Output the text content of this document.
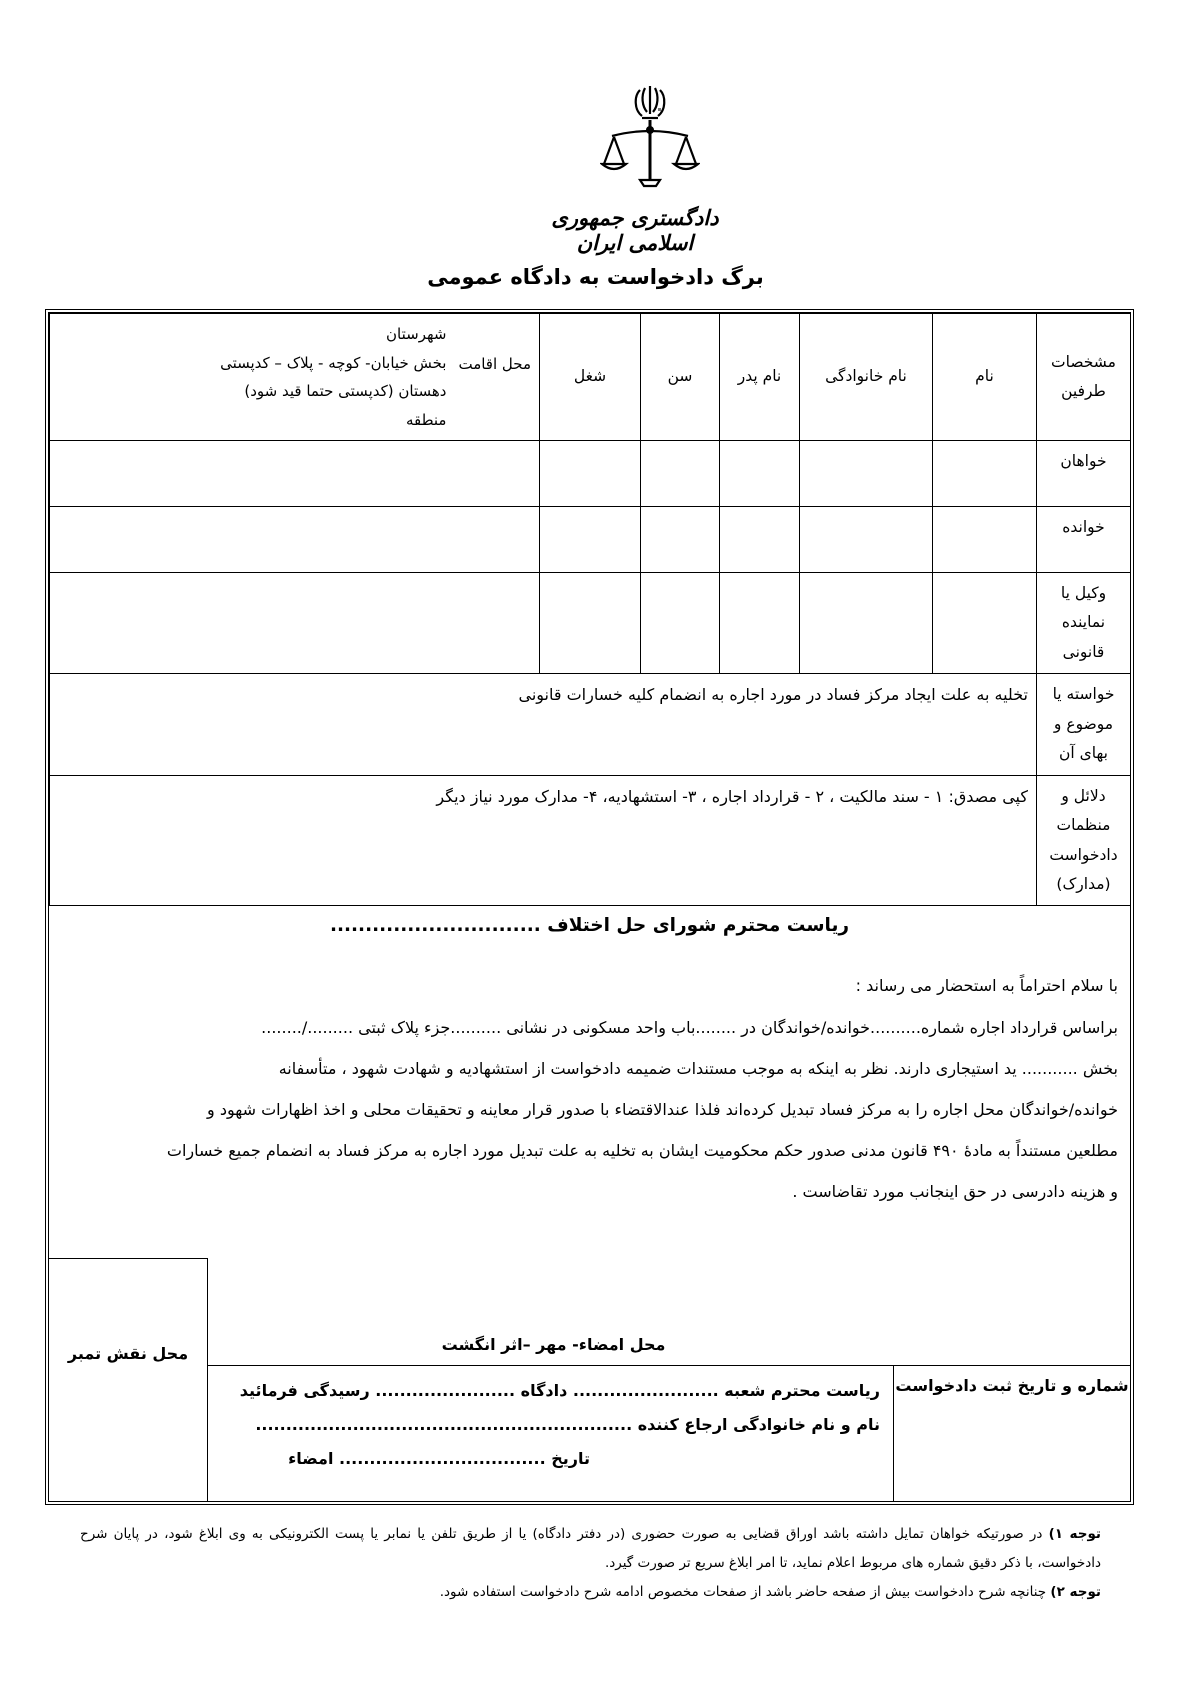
دادگستری جمهوری اسلامی ایران
برگ دادخواست به دادگاه عمومی
مشخصات طرفین	نام	نام خانوادگی	نام پدر	سن	شغل	محل اقامت
شهرستان
بخش خیابان- کوچه - پلاک – کدپستی
دهستان (کدپستی حتما قید شود)
منطقه

خواهان						
خوانده						
وکیل یا نماینده قانونی						
خواسته یا موضوع و بهای آن	تخلیه به علت ایجاد مرکز فساد در مورد اجاره به انضمام کلیه خسارات قانونی					
دلائل و منظمات دادخواست (مدارک)	کپی مصدق: ۱ - سند مالکیت ، ۲ - قرارداد اجاره ، ۳- استشهادیه، ۴- مدارک مورد نیاز دیگر					
ریاست محترم شورای حل اختلاف ..............................
با سلام احتراماً به استحضار می رساند :
براساس قرارداد اجاره شماره..........خوانده/خواندگان در ........باب واحد مسکونی در نشانی ..........جزء پلاک ثبتی ........./........
بخش ........... ید استیجاری دارند. نظر به اینکه به موجب مستندات ضمیمه دادخواست از استشهادیه و شهادت شهود ، متأسفانه
خوانده/خواندگان محل اجاره را به مرکز فساد تبدیل کرده‌اند فلذا عندالاقتضاء با صدور قرار معاینه و تحقیقات محلی و اخذ اظهارات شهود و
مطلعین مستنداً به مادۀ ۴۹۰ قانون مدنی صدور حکم محکومیت ایشان به تخلیه به علت تبدیل مورد اجاره به مرکز فساد به انضمام جمیع خسارات
و هزینه دادرسی در حق اینجانب مورد تقاضاست .
محل نقش تمبر	محل امضاء- مهر –اثر انگشت
شماره و تاریخ ثبت دادخواست
ریاست محترم شعبه ........................ دادگاه ....................... رسیدگی فرمائید
نام و نام خانوادگی ارجاع کننده ..............................................................
تاریخ .................................. امضاء
توجه ۱) در صورتیکه خواهان تمایل داشته باشد اوراق قضایی به صورت حضوری (در دفتر دادگاه) یا از طریق تلفن یا نمابر یا پست الکترونیکی به وی ابلاغ شود، در پایان شرح دادخواست، با ذکر دقیق شماره های مربوط اعلام نماید، تا امر ابلاغ سریع تر صورت گیرد.
توجه ۲) چنانچه شرح دادخواست بیش از صفحه حاضر باشد از صفحات مخصوص ادامه شرح دادخواست استفاده شود.
